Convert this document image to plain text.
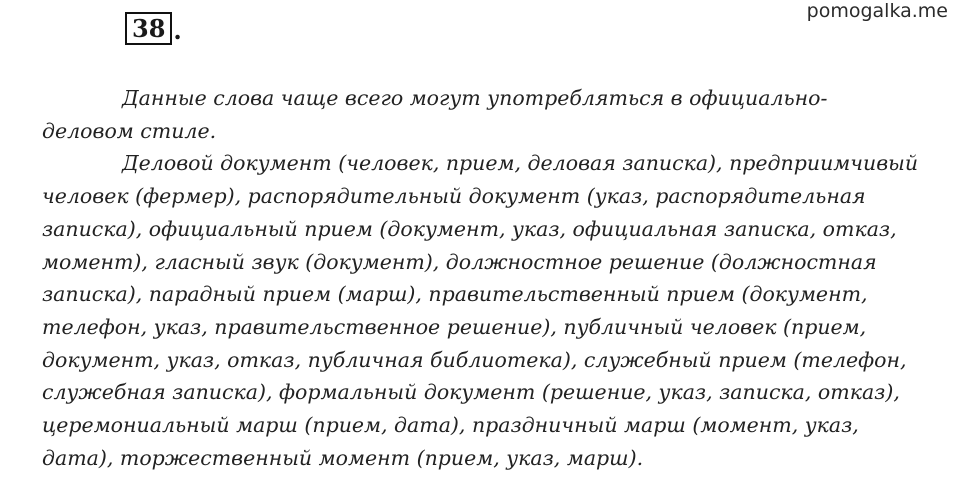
38 .
pomogalka.me
Данные слова чаще всего могут употребляться в официально-
деловом стиле.
Деловой документ (человек, прием, деловая записка), предприимчивый
человек (фермер), распорядительный документ (указ, распорядительная
записка), официальный прием (документ, указ, официальная записка, отказ,
момент), гласный звук (документ), должностное решение (должностная
записка), парадный прием (марш), правительственный прием (документ,
телефон, указ, правительственное решение), публичный человек (прием,
документ, указ, отказ, публичная библиотека), служебный прием (телефон,
служебная записка), формальный документ (решение, указ, записка, отказ),
церемониальный марш (прием, дата), праздничный марш (момент, указ,
дата), торжественный момент (прием, указ, марш).
